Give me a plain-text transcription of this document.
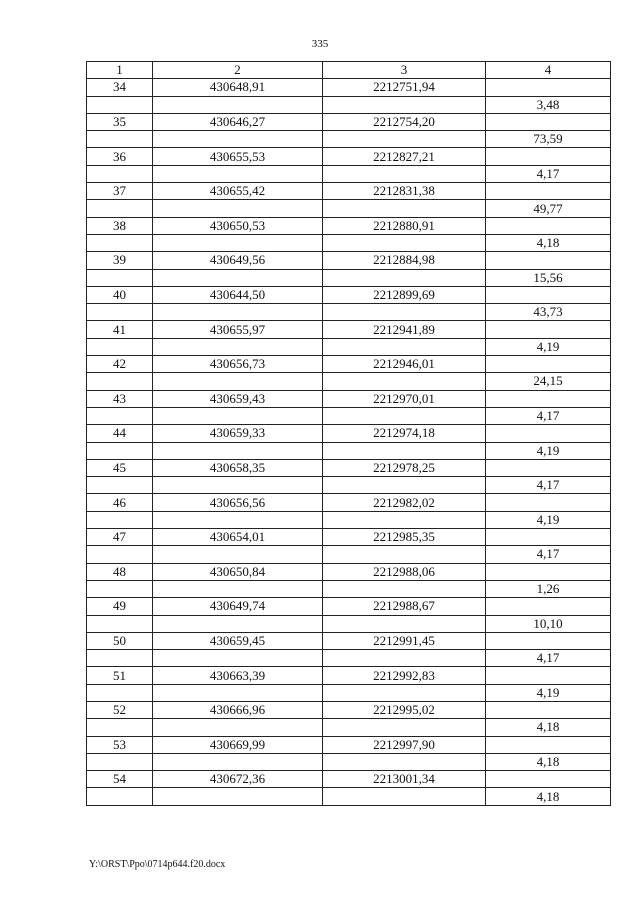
335
1	2	3	4
34	430648,91	2212751,94	
			3,48
35	430646,27	2212754,20	
			73,59
36	430655,53	2212827,21	
			4,17
37	430655,42	2212831,38	
			49,77
38	430650,53	2212880,91	
			4,18
39	430649,56	2212884,98	
			15,56
40	430644,50	2212899,69	
			43,73
41	430655,97	2212941,89	
			4,19
42	430656,73	2212946,01	
			24,15
43	430659,43	2212970,01	
			4,17
44	430659,33	2212974,18	
			4,19
45	430658,35	2212978,25	
			4,17
46	430656,56	2212982,02	
			4,19
47	430654,01	2212985,35	
			4,17
48	430650,84	2212988,06	
			1,26
49	430649,74	2212988,67	
			10,10
50	430659,45	2212991,45	
			4,17
51	430663,39	2212992,83	
			4,19
52	430666,96	2212995,02	
			4,18
53	430669,99	2212997,90	
			4,18
54	430672,36	2213001,34	
			4,18
Y:\ORST\Ppo\0714p644.f20.docx
